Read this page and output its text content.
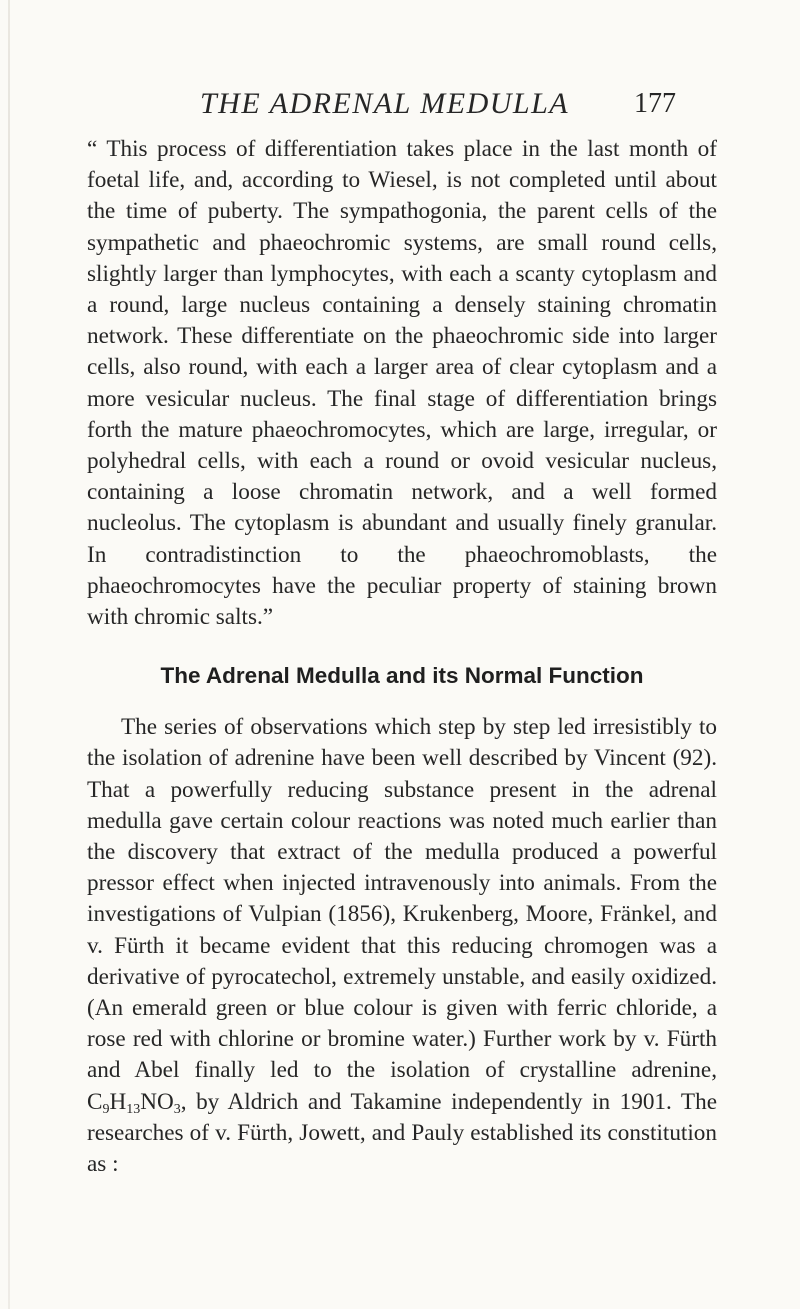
THE ADRENAL MEDULLA 177

“ This process of differentiation takes place in the last month of foetal life, and, according to Wiesel, is not completed until about the time of puberty. The sympathogonia, the parent cells of the sympathetic and phaeochromic systems, are small round cells, slightly larger than lymphocytes, with each a scanty cytoplasm and a round, large nucleus containing a densely staining chromatin network. These differentiate on the phaeochromic side into larger cells, also round, with each a larger area of clear cytoplasm and a more vesicular nucleus. The final stage of differentiation brings forth the mature phaeochromocytes, which are large, irregular, or polyhedral cells, with each a round or ovoid vesicular nucleus, containing a loose chromatin network, and a well formed nucleolus. The cytoplasm is abundant and usually finely granular. In contradistinction to the phaeochromoblasts, the phaeochromocytes have the peculiar property of staining brown with chromic salts.”

The Adrenal Medulla and its Normal Function

The series of observations which step by step led irresistibly to the isolation of adrenine have been well described by Vincent (92). That a powerfully reducing substance present in the adrenal medulla gave certain colour reactions was noted much earlier than the discovery that extract of the medulla produced a powerful pressor effect when injected intravenously into animals. From the investigations of Vulpian (1856), Krukenberg, Moore, Fränkel, and v. Fürth it became evident that this reducing chromogen was a derivative of pyrocatechol, extremely unstable, and easily oxidized. (An emerald green or blue colour is given with ferric chloride, a rose red with chlorine or bromine water.) Further work by v. Fürth and Abel finally led to the isolation of crystalline adrenine, $C_9H_{13}NO_3$, by Aldrich and Takamine independently in 1901. The researches of v. Fürth, Jowett, and Pauly established its constitution as :
